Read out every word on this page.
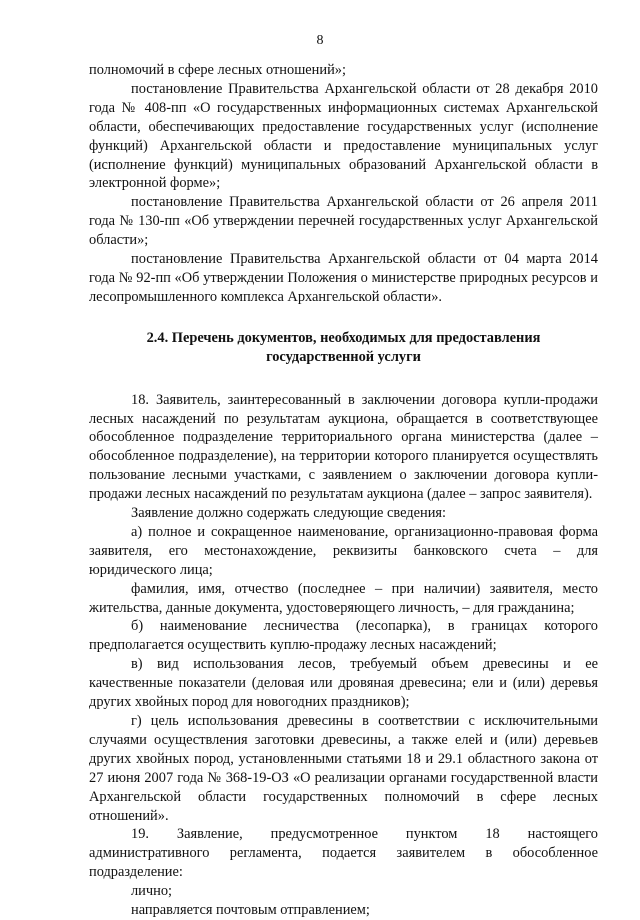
8

полномочий в сфере лесных отношений»;

постановление Правительства Архангельской области от 28 декабря 2010 года № 408-пп «О государственных информационных системах Архангельской области, обеспечивающих предоставление государственных услуг (исполнение функций) Архангельской области и предоставление муниципальных услуг (исполнение функций) муниципальных образований Архангельской области в электронной форме»;

постановление Правительства Архангельской области от 26 апреля 2011 года № 130-пп «Об утверждении перечней государственных услуг Архангельской области»;

постановление Правительства Архангельской области от 04 марта 2014 года № 92-пп «Об утверждении Положения о министерстве природных ресурсов и лесопромышленного комплекса Архангельской области».

2.4. Перечень документов, необходимых для предоставления государственной услуги

18. Заявитель, заинтересованный в заключении договора купли-продажи лесных насаждений по результатам аукциона, обращается в соответствующее обособленное подразделение территориального органа министерства (далее – обособленное подразделение), на территории которого планируется осуществлять пользование лесными участками, с заявлением о заключении договора купли-продажи лесных насаждений по результатам аукциона (далее – запрос заявителя).

Заявление должно содержать следующие сведения:

а) полное и сокращенное наименование, организационно-правовая форма заявителя, его местонахождение, реквизиты банковского счета – для юридического лица;

фамилия, имя, отчество (последнее – при наличии) заявителя, место жительства, данные документа, удостоверяющего личность, – для гражданина;

б) наименование лесничества (лесопарка), в границах которого предполагается осуществить куплю-продажу лесных насаждений;

в) вид использования лесов, требуемый объем древесины и ее качественные показатели (деловая или дровяная древесина; ели и (или) деревья других хвойных пород для новогодних праздников);

г) цель использования древесины в соответствии с исключительными случаями осуществления заготовки древесины, а также елей и (или) деревьев других хвойных пород, установленными статьями 18 и 29.1 областного закона от 27 июня 2007 года № 368-19-ОЗ «О реализации органами государственной власти Архангельской области государственных полномочий в сфере лесных отношений».

19. Заявление, предусмотренное пунктом 18 настоящего административного регламента, подается заявителем в обособленное подразделение:

лично;

направляется почтовым отправлением;
